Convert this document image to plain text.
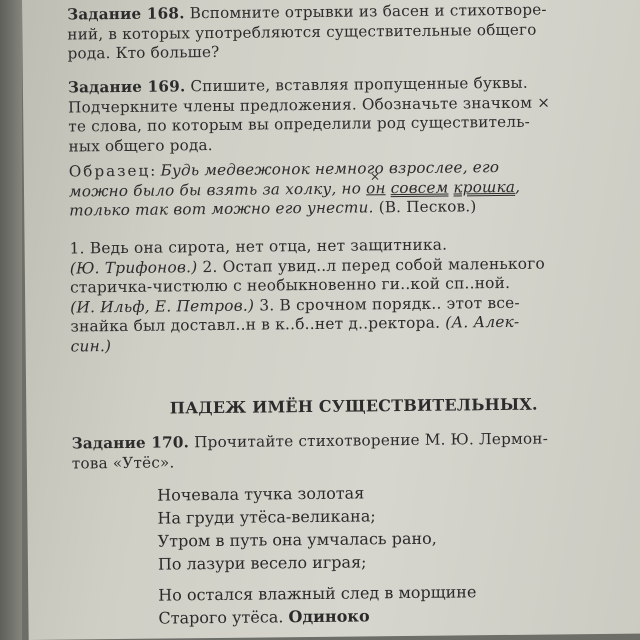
Задание 168. Вспомните отрывки из басен и стихотворе-
ний, в которых употребляются существительные общего
рода. Кто больше?
Задание 169. Спишите, вставляя пропущенные буквы.
Подчеркните члены предложения. Обозначьте значком ×
те слова, по которым вы определили род существитель-
ных общего рода.
Образец: Будь медвежонок немного взрослее, его
можно было бы взять за холку, но × он совсем крошка,
только так вот можно его унести. (В. Песков.)
1. Ведь она сирота, нет отца, нет защитника.
(Ю. Трифонов.) 2. Остап увид..л перед собой маленького
старичка-чистюлю с необыкновенно ги..кой сп..ной.
(И. Ильф, Е. Петров.) 3. В срочном порядк.. этот все-
знайка был доставл..н в к..б..нет д..ректора. (А. Алек-
син.)
ПАДЕЖ ИМЁН СУЩЕСТВИТЕЛЬНЫХ.
Задание 170. Прочитайте стихотворение М. Ю. Лермон-
това «Утёс».
Ночевала тучка золотая
На груди утёса-великана;
Утром в путь она умчалась рано,
По лазури весело играя;
Но остался влажный след в морщине
Старого утёса. Одиноко
